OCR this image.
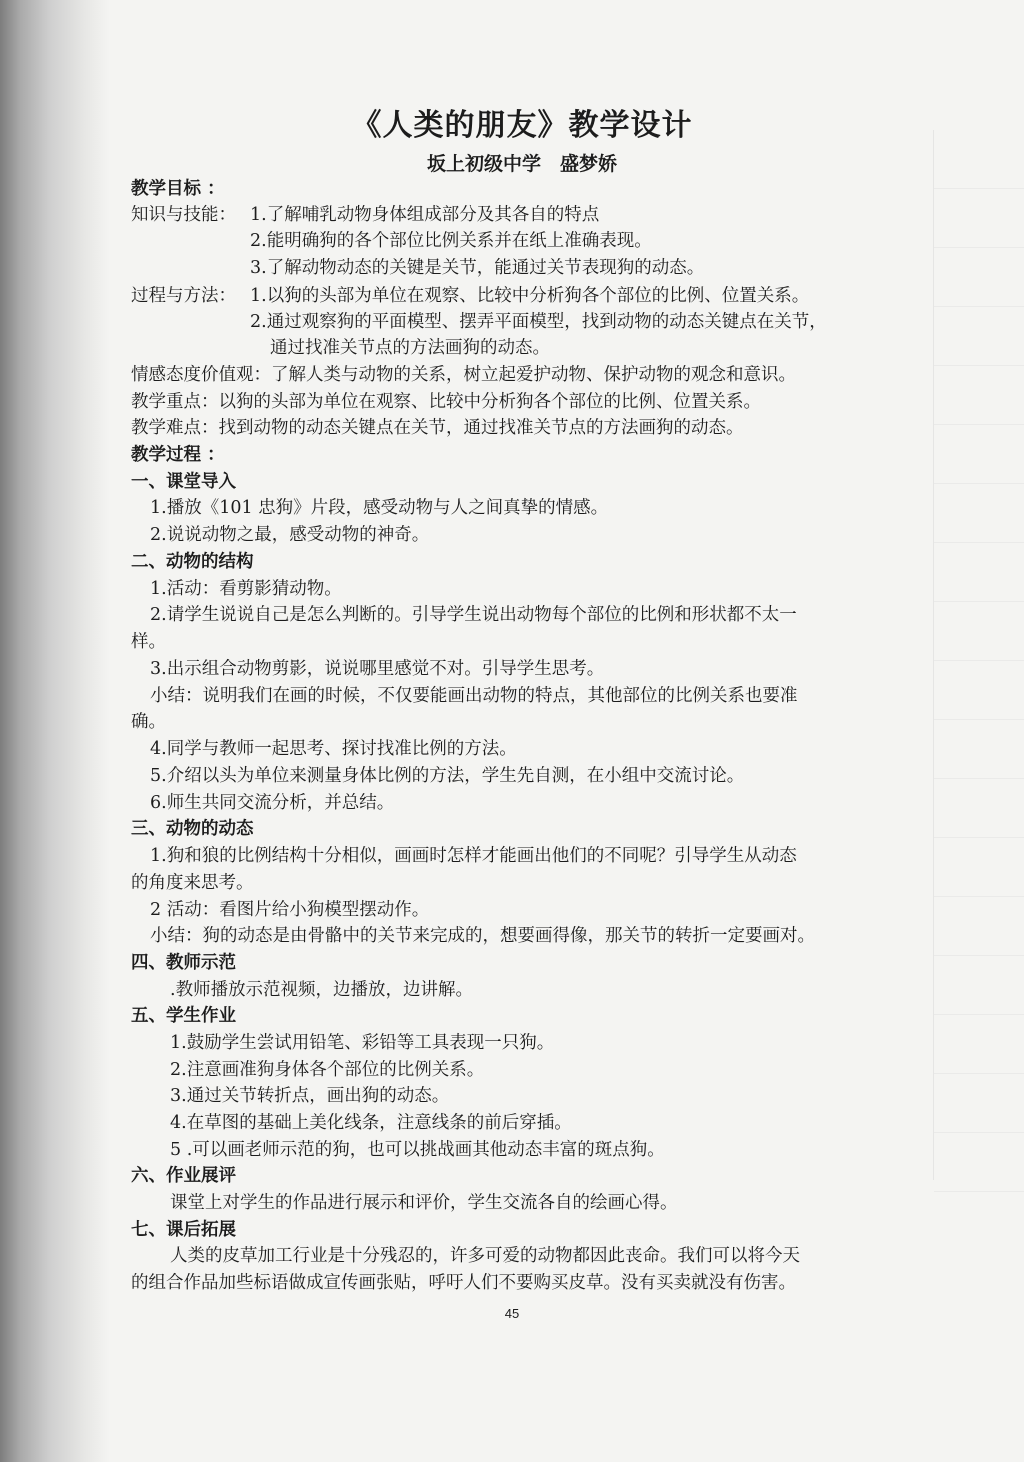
《人类的朋友》教学设计
坂上初级中学　盛梦娇
教学目标 ：
知识与技能： 1.了解哺乳动物身体组成部分及其各自的特点
2.能明确狗的各个部位比例关系并在纸上准确表现。
3.了解动物动态的关键是关节，能通过关节表现狗的动态。
过程与方法： 1.以狗的头部为单位在观察、比较中分析狗各个部位的比例、位置关系。
2.通过观察狗的平面模型、摆弄平面模型，找到动物的动态关键点在关节，
通过找准关节点的方法画狗的动态。
情感态度价值观：了解人类与动物的关系，树立起爱护动物、保护动物的观念和意识。
教学重点：以狗的头部为单位在观察、比较中分析狗各个部位的比例、位置关系。
教学难点：找到动物的动态关键点在关节，通过找准关节点的方法画狗的动态。
教学过程 ：
一、课堂导入
1.播放《101 忠狗》片段，感受动物与人之间真挚的情感。
2.说说动物之最，感受动物的神奇。
二、动物的结构
1.活动：看剪影猜动物。
2.请学生说说自己是怎么判断的。引导学生说出动物每个部位的比例和形状都不太一
样。
3.出示组合动物剪影，说说哪里感觉不对。引导学生思考。
小结：说明我们在画的时候，不仅要能画出动物的特点，其他部位的比例关系也要准
确。
4.同学与教师一起思考、探讨找准比例的方法。
5.介绍以头为单位来测量身体比例的方法，学生先自测，在小组中交流讨论。
6.师生共同交流分析，并总结。
三、动物的动态
1.狗和狼的比例结构十分相似，画画时怎样才能画出他们的不同呢？引导学生从动态
的角度来思考。
2 活动：看图片给小狗模型摆动作。
小结：狗的动态是由骨骼中的关节来完成的，想要画得像，那关节的转折一定要画对。
四、教师示范
.教师播放示范视频，边播放，边讲解。
五、学生作业
1.鼓励学生尝试用铅笔、彩铅等工具表现一只狗。
2.注意画准狗身体各个部位的比例关系。
3.通过关节转折点，画出狗的动态。
4.在草图的基础上美化线条，注意线条的前后穿插。
5 .可以画老师示范的狗，也可以挑战画其他动态丰富的斑点狗。
六、作业展评
课堂上对学生的作品进行展示和评价，学生交流各自的绘画心得。
七、课后拓展
人类的皮草加工行业是十分残忍的，许多可爱的动物都因此丧命。我们可以将今天
的组合作品加些标语做成宣传画张贴，呼吁人们不要购买皮草。没有买卖就没有伤害。
45
